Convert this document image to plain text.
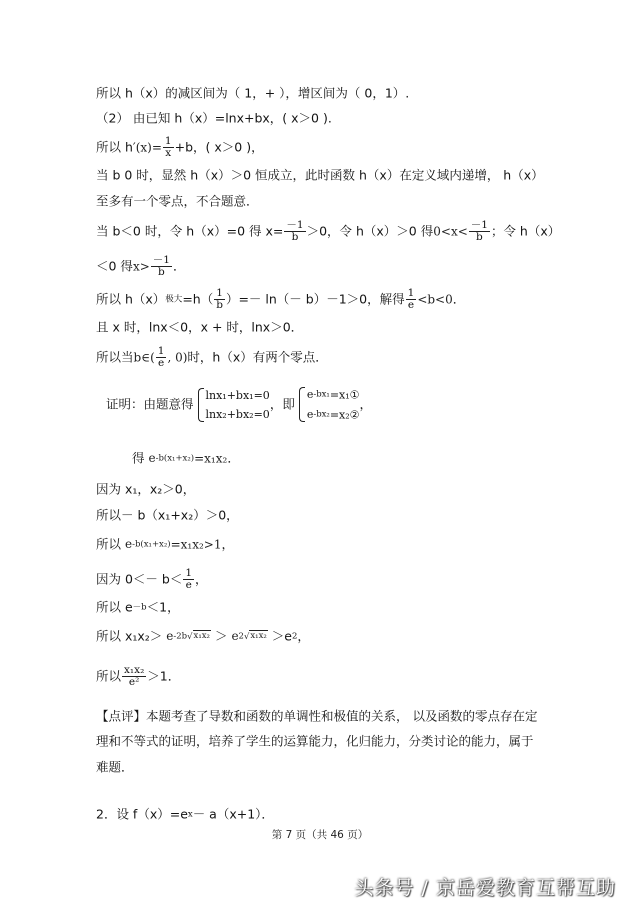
所以 h（x）的减区间为（ 1，+ ），增区间为（ 0，1）.
（2） 由已知 h（x）=lnx+bx，( x＞0 ).
所以 $h'(x)= \frac{1}{x} +b$，( x＞0 )，
当 b 0 时，显然 h（x）＞0 恒成立，此时函数 h（x）在定义域内递增， h（x）
至多有一个零点，不合题意．
当 b＜0 时，令 h（x）=0 得 $x= \frac{-1}{b} >0$，令 h（x）＞0 得$0<x< \frac{-1}{b}$ ；令 h（x）
＜0 得$x> \frac{-1}{b}$ ．
所以 h（x）极大$=h( \frac{1}{b}$ ）=－ ln（－ b）－1＞0，解得 $\frac{1}{e} <b<0$．
且 x 时，lnx＜0，x + 时，lnx＞0．
所以当b∈( $\frac{1}{e}$ , 0)时，h（x）有两个零点．
证明：由题意得
lnx₁+bx₁=0
lnx₂+bx₂=0
，即
e-bx₁=x₁①
e-bx₂=x₂②
，
得 e-b(x₁+x₂)=x₁x₂．
因为 x₁，x₂＞0，
所以－ b（x₁+x₂）＞0，
所以 e-b(x₁+x₂)=x₁x₂>1，
因为 $0<- b< \frac{1}{e}$ ，
所以 e－b＜1，
所以 x₁x₂＞ e-2b√x₁x₂ ＞ e2√x₁x₂ ＞e2，
所以 $\frac{\text{x₁x₂}}{\text{e²}} >1$．
【点评】本题考查了导数和函数的单调性和极值的关系， 以及函数的零点存在定
理和不等式的证明，培养了学生的运算能力，化归能力，分类讨论的能力，属于
难题．
2．设 f（x）=ex－ a（x+1）．
第 7 页（共 46 页）
头条号 / 京岳爱教育互帮互助
